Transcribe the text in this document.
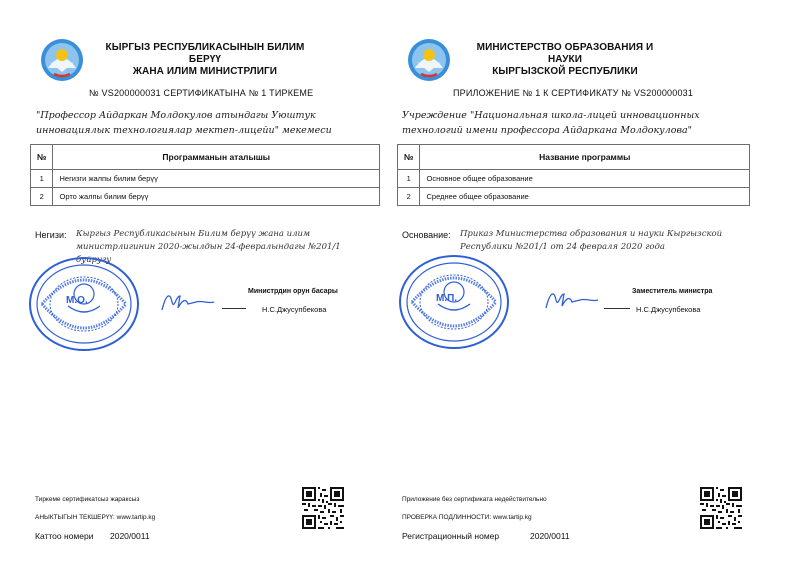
КЫРГЫЗ РЕСПУБЛИКАСЫНЫН БИЛИМ БЕРҮҮ
ЖАНА ИЛИМ МИНИСТРЛИГИ
№ VS200000031 СЕРТИФИКАТЫНА № 1 ТИРКЕМЕ
"Профессор Айдаркан Молдокулов атындагы Уюштук инновациялык технологиялар мектеп-лицейи" мекемеси
№	Программанын аталышы
1	Негизги жалпы билим берүү
2	Орто жалпы билим берүү
Негизи: Кыргыз Республикасынын Билим берүү жана илим министрлигинин 2020-жылдын 24-февралындагы №201/1 буйругу
М.О.
Министрдин орун басары
Н.С.Джусупбекова
Тиркеме сертификатсыз жараксыз
АНЫКТЫГЫН ТЕКШЕРҮҮ: www.tartip.kg
Каттоо номери 2020/0011
МИНИСТЕРСТВО ОБРАЗОВАНИЯ И НАУКИ
КЫРГЫЗСКОЙ РЕСПУБЛИКИ
ПРИЛОЖЕНИЕ № 1 К СЕРТИФИКАТУ № VS200000031
Учреждение "Национальная школа-лицей инновационных технологий имени профессора Айдаркана Молдокулова"
№	Название программы
1	Основное общее образование
2	Среднее общее образование
Основание: Приказ Министерства образования и науки Кыргызской Республики №201/1 от 24 февраля 2020 года
М.П.
Заместитель министра
Н.С.Джусупбекова
Приложение без сертификата недействительно
ПРОВЕРКА ПОДЛИННОСТИ: www.tartip.kg
Регистрационный номер	2020/0011
